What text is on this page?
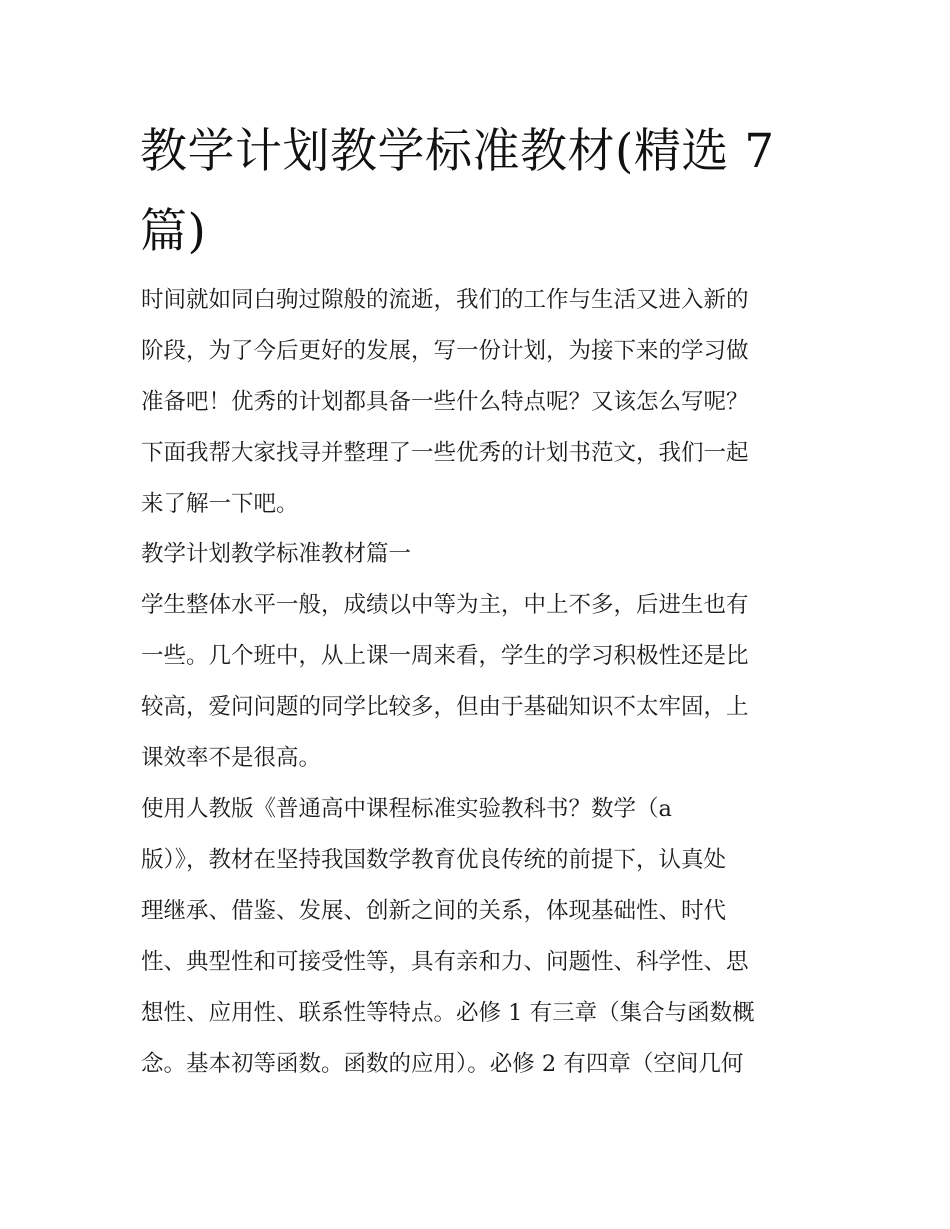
教学计划教学标准教材(精选 7
篇)

时间就如同白驹过隙般的流逝，我们的工作与生活又进入新的

阶段，为了今后更好的发展，写一份计划，为接下来的学习做

准备吧！优秀的计划都具备一些什么特点呢？又该怎么写呢？

下面我帮大家找寻并整理了一些优秀的计划书范文，我们一起

来了解一下吧。

教学计划教学标准教材篇一

学生整体水平一般，成绩以中等为主，中上不多，后进生也有

一些。几个班中，从上课一周来看，学生的学习积极性还是比

较高，爱问问题的同学比较多，但由于基础知识不太牢固，上

课效率不是很高。

使用人教版《普通高中课程标准实验教科书？数学（a

版）》，教材在坚持我国数学教育优良传统的前提下，认真处

理继承、借鉴、发展、创新之间的关系，体现基础性、时代

性、典型性和可接受性等，具有亲和力、问题性、科学性、思

想性、应用性、联系性等特点。必修 1 有三章（集合与函数概

念。基本初等函数。函数的应用）。必修 2 有四章（空间几何
